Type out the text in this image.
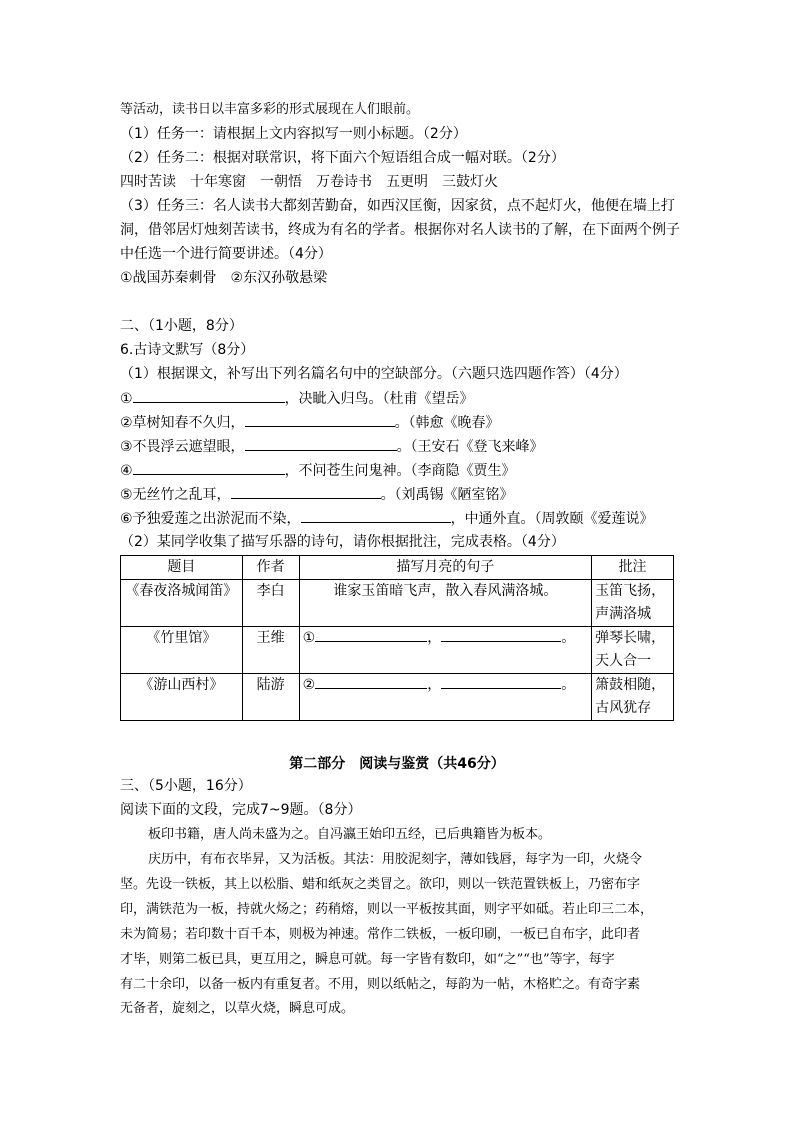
等活动，读书日以丰富多彩的形式展现在人们眼前。
（1）任务一：请根据上文内容拟写一则小标题。（2分）
（2）任务二：根据对联常识，将下面六个短语组合成一幅对联。（2分）
四时苦读　十年寒窗　一朝悟　万卷诗书　五更明　三鼓灯火
（3）任务三：名人读书大都刻苦勤奋，如西汉匡衡，因家贫，点不起灯火，他便在墙上打
洞，借邻居灯烛刻苦读书，终成为有名的学者。根据你对名人读书的了解，在下面两个例子
中任选一个进行简要讲述。（4分）
①战国苏秦刺骨　②东汉孙敬悬梁
二、（1小题，8分）
6.古诗文默写（8分）
（1）根据课文，补写出下列名篇名句中的空缺部分。（六题只选四题作答）（4分）
①	，决眦入归鸟。（杜甫《望岳》
②草树知春不久归，	。（韩愈《晚春》
③不畏浮云遮望眼，	。（王安石《登飞来峰》
④	，不问苍生问鬼神。（李商隐《贾生》
⑤无丝竹之乱耳，	。（刘禹锡《陋室铭》
⑥予独爱莲之出淤泥而不染，	，中通外直。（周敦颐《爱莲说》
（2）某同学收集了描写乐器的诗句，请你根据批注，完成表格。（4分）
题目	作者	描写月亮的句子	批注
《春夜洛城闻笛》	李白	谁家玉笛暗飞声，散入春风满洛城。	玉笛飞扬，
声满洛城

《竹里馆》	王维	① ， 。	弹琴长啸，
天人合一

《游山西村》	陆游	② ， 。	箫鼓相随，
古风犹存
第二部分　阅读与鉴赏（共46分）
三、（5小题，16分）
阅读下面的文段，完成7~9题。（8分）
板印书籍，唐人尚未盛为之。自冯瀛王始印五经，已后典籍皆为板本。
庆历中，有布衣毕昇，又为活板。其法：用胶泥刻字，薄如钱唇，每字为一印，火烧令
坚。先设一铁板，其上以松脂、蜡和纸灰之类冒之。欲印，则以一铁范置铁板上，乃密布字
印，满铁范为一板，持就火炀之；药稍熔，则以一平板按其面，则字平如砥。若止印三二本，
未为简易；若印数十百千本，则极为神速。常作二铁板，一板印刷，一板已自布字，此印者
才毕，则第二板已具，更互用之，瞬息可就。每一字皆有数印，如“之”“也”等字，每字
有二十余印，以备一板内有重复者。不用，则以纸帖之，每韵为一帖，木格贮之。有奇字素
无备者，旋刻之，以草火烧，瞬息可成。
